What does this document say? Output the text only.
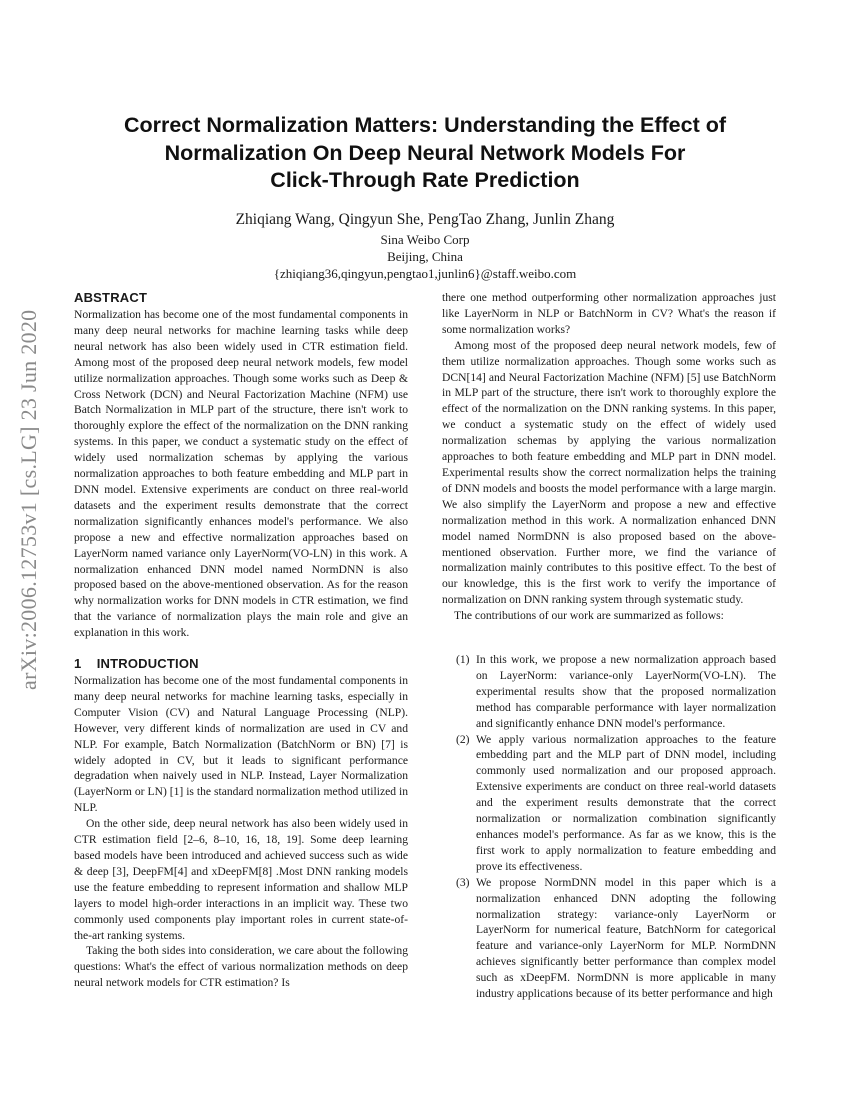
arXiv:2006.12753v1 [cs.LG] 23 Jun 2020
Correct Normalization Matters: Understanding the Effect of
Normalization On Deep Neural Network Models For
Click-Through Rate Prediction
Zhiqiang Wang, Qingyun She, PengTao Zhang, Junlin Zhang
Sina Weibo Corp
Beijing, China
{zhiqiang36,qingyun,pengtao1,junlin6}@staff.weibo.com
ABSTRACT

Normalization has become one of the most fundamental components in many deep neural networks for machine learning tasks while deep neural network has also been widely used in CTR estimation field. Among most of the proposed deep neural network models, few model utilize normalization approaches. Though some works such as Deep & Cross Network (DCN) and Neural Factorization Machine (NFM) use Batch Normalization in MLP part of the structure, there isn't work to thoroughly explore the effect of the normalization on the DNN ranking systems. In this paper, we conduct a systematic study on the effect of widely used normalization schemas by applying the various normalization approaches to both feature embedding and MLP part in DNN model. Extensive experiments are conduct on three real-world datasets and the experiment results demonstrate that the correct normalization significantly enhances model's performance. We also propose a new and effective normalization approaches based on LayerNorm named variance only LayerNorm(VO-LN) in this work. A normalization enhanced DNN model named NormDNN is also proposed based on the above-mentioned observation. As for the reason why normalization works for DNN models in CTR estimation, we find that the variance of normalization plays the main role and give an explanation in this work.

1 INTRODUCTION

Normalization has become one of the most fundamental components in many deep neural networks for machine learning tasks, especially in Computer Vision (CV) and Natural Language Processing (NLP). However, very different kinds of normalization are used in CV and NLP. For example, Batch Normalization (BatchNorm or BN) [7] is widely adopted in CV, but it leads to significant performance degradation when naively used in NLP. Instead, Layer Normalization (LayerNorm or LN) [1] is the standard normalization method utilized in NLP.

On the other side, deep neural network has also been widely used in CTR estimation field [2–6, 8–10, 16, 18, 19]. Some deep learning based models have been introduced and achieved success such as wide & deep [3], DeepFM[4] and xDeepFM[8] .Most DNN ranking models use the feature embedding to represent information and shallow MLP layers to model high-order interactions in an implicit way. These two commonly used components play important roles in current state-of-the-art ranking systems.

Taking the both sides into consideration, we care about the following questions: What's the effect of various normalization methods on deep neural network models for CTR estimation? Is

there one method outperforming other normalization approaches just like LayerNorm in NLP or BatchNorm in CV? What's the reason if some normalization works?

Among most of the proposed deep neural network models, few of them utilize normalization approaches. Though some works such as DCN[14] and Neural Factorization Machine (NFM) [5] use BatchNorm in MLP part of the structure, there isn't work to thoroughly explore the effect of the normalization on the DNN ranking systems. In this paper, we conduct a systematic study on the effect of widely used normalization schemas by applying the various normalization approaches to both feature embedding and MLP part in DNN model. Experimental results show the correct normalization helps the training of DNN models and boosts the model performance with a large margin. We also simplify the LayerNorm and propose a new and effective normalization method in this work. A normalization enhanced DNN model named NormDNN is also proposed based on the above-mentioned observation. Further more, we find the variance of normalization mainly contributes to this positive effect. To the best of our knowledge, this is the first work to verify the importance of normalization on DNN ranking system through systematic study.

The contributions of our work are summarized as follows:

(1) In this work, we propose a new normalization approach based on LayerNorm: variance-only LayerNorm(VO-LN). The experimental results show that the proposed normalization method has comparable performance with layer normalization and significantly enhance DNN model's performance.
(2) We apply various normalization approaches to the feature embedding part and the MLP part of DNN model, including commonly used normalization and our proposed approach. Extensive experiments are conduct on three real-world datasets and the experiment results demonstrate that the correct normalization or normalization combination significantly enhances model's performance. As far as we know, this is the first work to apply normalization to feature embedding and prove its effectiveness.
(3) We propose NormDNN model in this paper which is a normalization enhanced DNN adopting the following normalization strategy: variance-only LayerNorm or LayerNorm for numerical feature, BatchNorm for categorical feature and variance-only LayerNorm for MLP. NormDNN achieves significantly better performance than complex model such as xDeepFM. NormDNN is more applicable in many industry applications because of its better performance and high
